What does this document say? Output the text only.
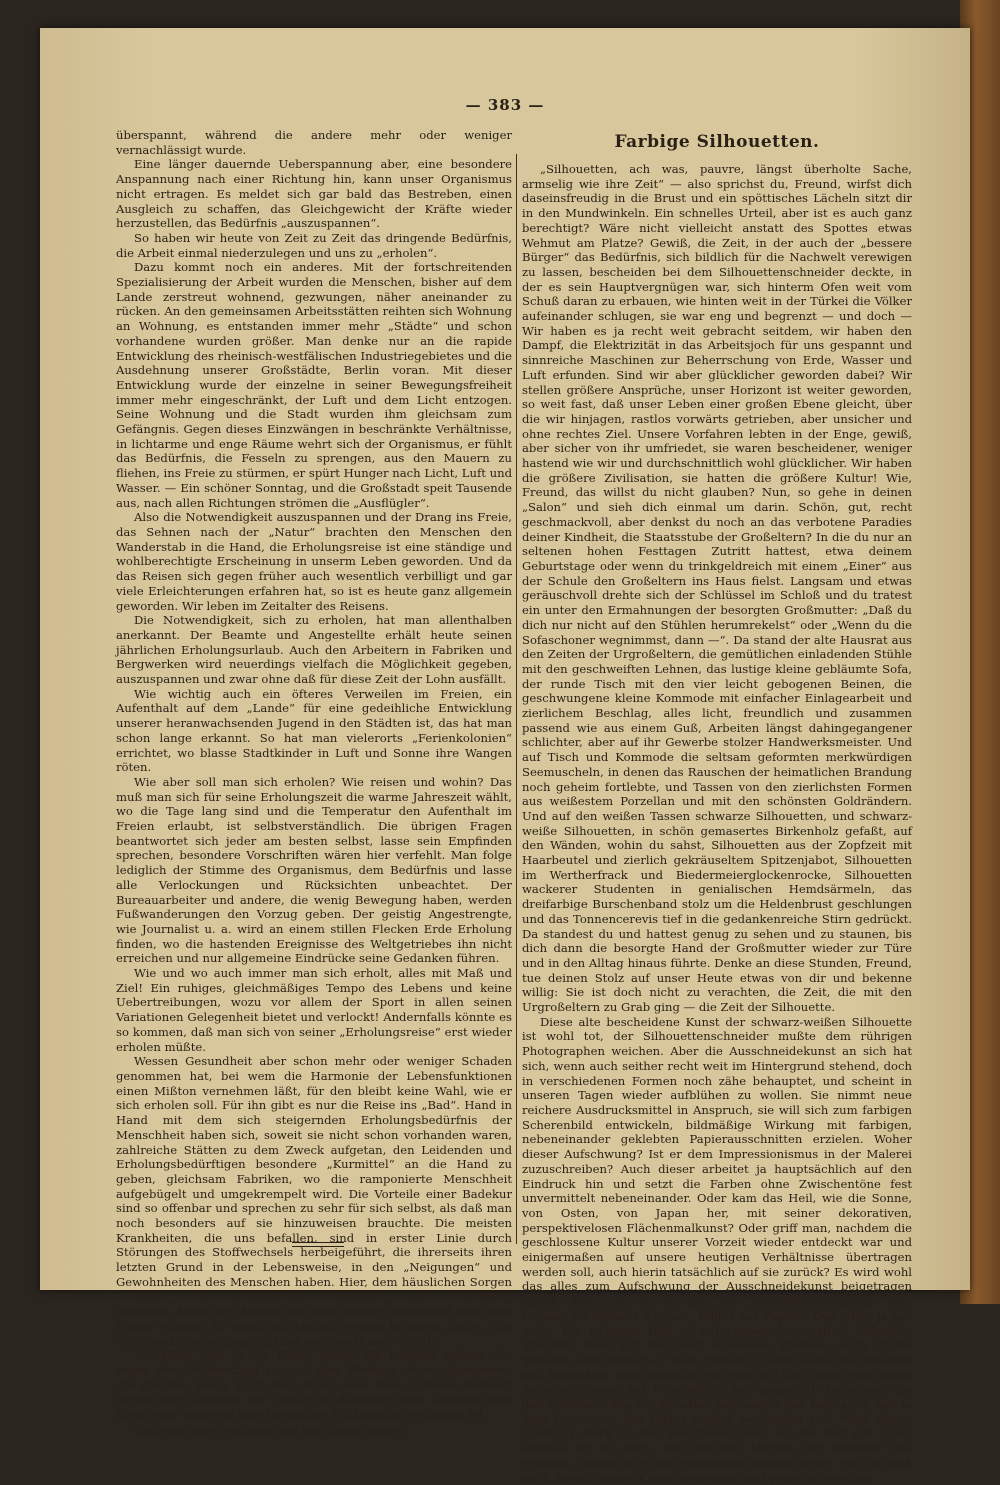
— 383 —

überspannt, während die andere mehr oder weniger vernachlässigt wurde.

Eine länger dauernde Ueberspannung aber, eine besondere Anspannung nach einer Richtung hin, kann unser Organismus nicht ertragen. Es meldet sich gar bald das Bestreben, einen Ausgleich zu schaffen, das Gleichgewicht der Kräfte wieder herzustellen, das Bedürfnis „auszuspannen“.

So haben wir heute von Zeit zu Zeit das dringende Bedürfnis, die Arbeit einmal niederzulegen und uns zu „erholen“.

Dazu kommt noch ein anderes. Mit der fortschreitenden Spezialisierung der Arbeit wurden die Menschen, bisher auf dem Lande zerstreut wohnend, gezwungen, näher aneinander zu rücken. An den gemeinsamen Arbeitsstätten reihten sich Wohnung an Wohnung, es entstanden immer mehr „Städte“ und schon vorhandene wurden größer. Man denke nur an die rapide Entwicklung des rheinisch-westfälischen Industriegebietes und die Ausdehnung unserer Großstädte, Berlin voran. Mit dieser Entwicklung wurde der einzelne in seiner Bewegungsfreiheit immer mehr eingeschränkt, der Luft und dem Licht entzogen. Seine Wohnung und die Stadt wurden ihm gleichsam zum Gefängnis. Gegen dieses Einzwängen in beschränkte Verhältnisse, in lichtarme und enge Räume wehrt sich der Organismus, er fühlt das Bedürfnis, die Fesseln zu sprengen, aus den Mauern zu fliehen, ins Freie zu stürmen, er spürt Hunger nach Licht, Luft und Wasser. — Ein schöner Sonntag, und die Großstadt speit Tausende aus, nach allen Richtungen strömen die „Ausflügler“.

Also die Notwendigkeit auszuspannen und der Drang ins Freie, das Sehnen nach der „Natur“ brachten den Menschen den Wanderstab in die Hand, die Erholungsreise ist eine ständige und wohlberechtigte Erscheinung in unserm Leben geworden. Und da das Reisen sich gegen früher auch wesentlich verbilligt und gar viele Erleichterungen erfahren hat, so ist es heute ganz allgemein geworden. Wir leben im Zeitalter des Reisens.

Die Notwendigkeit, sich zu erholen, hat man allenthalben anerkannt. Der Beamte und Angestellte erhält heute seinen jährlichen Erholungsurlaub. Auch den Arbeitern in Fabriken und Bergwerken wird neuerdings vielfach die Möglichkeit gegeben, auszuspannen und zwar ohne daß für diese Zeit der Lohn ausfällt.

Wie wichtig auch ein öfteres Verweilen im Freien, ein Aufenthalt auf dem „Lande“ für eine gedeihliche Entwicklung unserer heranwachsenden Jugend in den Städten ist, das hat man schon lange erkannt. So hat man vielerorts „Ferienkolonien“ errichtet, wo blasse Stadtkinder in Luft und Sonne ihre Wangen röten.

Wie aber soll man sich erholen? Wie reisen und wohin? Das muß man sich für seine Erholungszeit die warme Jahreszeit wählt, wo die Tage lang sind und die Temperatur den Aufenthalt im Freien erlaubt, ist selbstverständlich. Die übrigen Fragen beantwortet sich jeder am besten selbst, lasse sein Empfinden sprechen, besondere Vorschriften wären hier verfehlt. Man folge lediglich der Stimme des Organismus, dem Bedürfnis und lasse alle Verlockungen und Rücksichten unbeachtet. Der Bureauarbeiter und andere, die wenig Bewegung haben, werden Fußwanderungen den Vorzug geben. Der geistig Angestrengte, wie Journalist u. a. wird an einem stillen Flecken Erde Erholung finden, wo die hastenden Ereignisse des Weltgetriebes ihn nicht erreichen und nur allgemeine Eindrücke seine Gedanken führen.

Wie und wo auch immer man sich erholt, alles mit Maß und Ziel! Ein ruhiges, gleichmäßiges Tempo des Lebens und keine Uebertreibungen, wozu vor allem der Sport in allen seinen Variationen Gelegenheit bietet und verlockt! Andernfalls könnte es so kommen, daß man sich von seiner „Erholungsreise“ erst wieder erholen müßte.

Wessen Gesundheit aber schon mehr oder weniger Schaden genommen hat, bei wem die Harmonie der Lebensfunktionen einen Mißton vernehmen läßt, für den bleibt keine Wahl, wie er sich erholen soll. Für ihn gibt es nur die Reise ins „Bad“. Hand in Hand mit dem sich steigernden Erholungsbedürfnis der Menschheit haben sich, soweit sie nicht schon vorhanden waren, zahlreiche Stätten zu dem Zweck aufgetan, den Leidenden und Erholungsbedürftigen besondere „Kurmittel“ an die Hand zu geben, gleichsam Fabriken, wo die ramponierte Menschheit aufgebügelt und umgekrempelt wird. Die Vorteile einer Badekur sind so offenbar und sprechen zu sehr für sich selbst, als daß man noch besonders auf sie hinzuweisen brauchte. Die meisten Krankheiten, die uns befallen, sind in erster Linie durch Störungen des Stoffwechsels herbeigeführt, die ihrerseits ihren letzten Grund in der Lebensweise, in den „Neigungen“ und Gewohnheiten des Menschen haben. Hier, dem häuslichen Sorgen entrückt, einer schädigenden Umgebung und Einwirkung entzogen, kann der Mensch sich ganz seiner Gesundheit und ihrer Pflege widmen: Er trinkt mit Andacht seinen Brunnen, badet, lebt diät, macht seine Spaziergänge und denkt an — nichts.

Vor allem sind es die Bäder selbst, die heilsam wirken. Sie regen den Stoffwechsel an, und ihre Wirkung ist in allgemeinen die gleiche, wenn auch dem einen oder dem anderen Badeort wegen des Gehaltes der Quelle an Kochsalz oder Alkalien oder Eisen oder anderem eine besondere Wirkung zu verdanken ist.

Und nun gute Erholung und glückliche Reise!

Farbige Silhouetten.

„Silhouetten, ach was, pauvre, längst überholte Sache, armselig wie ihre Zeit“ — also sprichst du, Freund, wirfst dich daseinsfreudig in die Brust und ein spöttisches Lächeln sitzt dir in den Mundwinkeln. Ein schnelles Urteil, aber ist es auch ganz berechtigt? Wäre nicht vielleicht anstatt des Spottes etwas Wehmut am Platze? Gewiß, die Zeit, in der auch der „bessere Bürger“ das Bedürfnis, sich bildlich für die Nachwelt verewigen zu lassen, bescheiden bei dem Silhouettenschneider deckte, in der es sein Hauptvergnügen war, sich hinterm Ofen weit vom Schuß daran zu erbauen, wie hinten weit in der Türkei die Völker aufeinander schlugen, sie war eng und begrenzt — und doch — Wir haben es ja recht weit gebracht seitdem, wir haben den Dampf, die Elektrizität in das Arbeitsjoch für uns gespannt und sinnreiche Maschinen zur Beherrschung von Erde, Wasser und Luft erfunden. Sind wir aber glücklicher geworden dabei? Wir stellen größere Ansprüche, unser Horizont ist weiter geworden, so weit fast, daß unser Leben einer großen Ebene gleicht, über die wir hinjagen, rastlos vorwärts getrieben, aber unsicher und ohne rechtes Ziel. Unsere Vorfahren lebten in der Enge, gewiß, aber sicher von ihr umfriedet, sie waren bescheidener, weniger hastend wie wir und durchschnittlich wohl glücklicher. Wir haben die größere Zivilisation, sie hatten die größere Kultur! Wie, Freund, das willst du nicht glauben? Nun, so gehe in deinen „Salon“ und sieh dich einmal um darin. Schön, gut, recht geschmackvoll, aber denkst du noch an das verbotene Paradies deiner Kindheit, die Staatsstube der Großeltern? In die du nur an seltenen hohen Festtagen Zutritt hattest, etwa deinem Geburtstage oder wenn du trinkgeldreich mit einem „Einer“ aus der Schule den Großeltern ins Haus fielst. Langsam und etwas geräuschvoll drehte sich der Schlüssel im Schloß und du tratest ein unter den Ermahnungen der besorgten Großmutter: „Daß du dich nur nicht auf den Stühlen herumrekelst“ oder „Wenn du die Sofaschoner wegnimmst, dann —“. Da stand der alte Hausrat aus den Zeiten der Urgroßeltern, die gemütlichen einladenden Stühle mit den geschweiften Lehnen, das lustige kleine gebläumte Sofa, der runde Tisch mit den vier leicht gebogenen Beinen, die geschwungene kleine Kommode mit einfacher Einlagearbeit und zierlichem Beschlag, alles licht, freundlich und zusammen passend wie aus einem Guß, Arbeiten längst dahingegangener schlichter, aber auf ihr Gewerbe stolzer Handwerksmeister. Und auf Tisch und Kommode die seltsam geformten merkwürdigen Seemuscheln, in denen das Rauschen der heimatlichen Brandung noch geheim fortlebte, und Tassen von den zierlichsten Formen aus weißestem Porzellan und mit den schönsten Goldrändern. Und auf den weißen Tassen schwarze Silhouetten, und schwarz-weiße Silhouetten, in schön gemasertes Birkenholz gefaßt, auf den Wänden, wohin du sahst, Silhouetten aus der Zopfzeit mit Haarbeutel und zierlich gekräuseltem Spitzenjabot, Silhouetten im Wertherfrack und Biedermeierglockenrocke, Silhouetten wackerer Studenten in genialischen Hemdsärmeln, das dreifarbige Burschenband stolz um die Heldenbrust geschlungen und das Tonnencerevis tief in die gedankenreiche Stirn gedrückt. Da standest du und hattest genug zu sehen und zu staunen, bis dich dann die besorgte Hand der Großmutter wieder zur Türe und in den Alltag hinaus führte. Denke an diese Stunden, Freund, tue deinen Stolz auf unser Heute etwas von dir und bekenne willig: Sie ist doch nicht zu verachten, die Zeit, die mit den Urgroßeltern zu Grab ging — die Zeit der Silhouette.

Diese alte bescheidene Kunst der schwarz-weißen Silhouette ist wohl tot, der Silhouettenschneider mußte dem rührigen Photographen weichen. Aber die Ausschneidekunst an sich hat sich, wenn auch seither recht weit im Hintergrund stehend, doch in verschiedenen Formen noch zähe behauptet, und scheint in unseren Tagen wieder aufblühen zu wollen. Sie nimmt neue reichere Ausdrucksmittel in Anspruch, sie will sich zum farbigen Scherenbild entwickeln, bildmäßige Wirkung mit farbigen, nebeneinander geklebten Papierausschnitten erzielen. Woher dieser Aufschwung? Ist er dem Impressionismus in der Malerei zuzuschreiben? Auch dieser arbeitet ja hauptsächlich auf den Eindruck hin und setzt die Farben ohne Zwischentöne fest unvermittelt nebeneinander. Oder kam das Heil, wie die Sonne, von Osten, von Japan her, mit seiner dekorativen, perspektivelosen Flächenmalkunst? Oder griff man, nachdem die geschlossene Kultur unserer Vorzeit wieder entdeckt war und einigermaßen auf unsere heutigen Verhältnisse übertragen werden soll, auch hierin tatsächlich auf sie zurück? Es wird wohl das alles zum Aufschwung der Ausschneidekunst beigetragen haben. Kurz, sie ist da und hat Daseinsberechtigung! Wie, Freund, du lächelst wieder: „Bilder aus Papier? Das gibt's ja gar nicht. Ein richtiges Bild ist auf Leinwand gemalt in Ölfarben, allenfalls lasse ich mir noch Aquarelle, Pastelle, auch Stiche gefallen, aber Papier —“ Halt, gemach, Lieber, lasse uns zunächst mal bedenken, was eigentlich ein Bild ist. Doch wohl eine unter Außerachtlassen des Nebensächlichen gemachte Aufnahme, die den Eindruck, den der Künstler empfangen hat, festhalten und in dem Beschauer des Bildes wieder wachrufen soll. Wird dieser Eindruck stark in dem Beschauer, dann ist das Bild gut. Ganz einerlei ist es doch, mit welchen Mitteln der Künstler das erreicht. Bringt er es mit Papierausschnitten fertig, gut, so muß auch das als wahre Kunst angesehen und gewertet werden.
